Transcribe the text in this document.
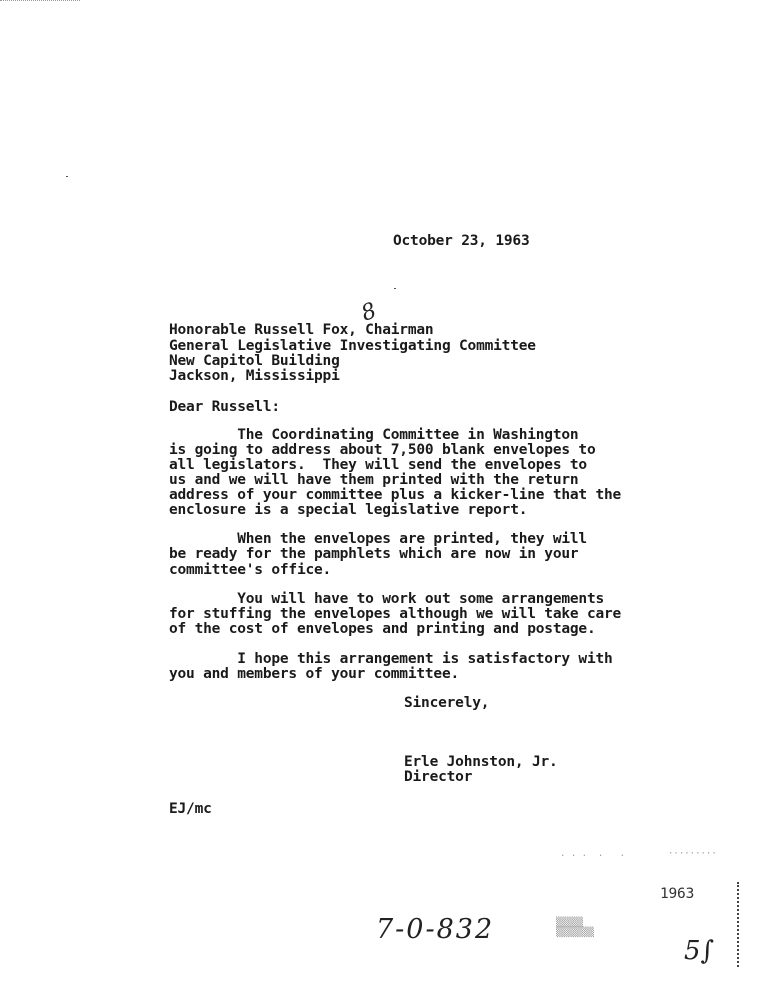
October 23, 1963
8
Honorable Russell Fox, Chairman
General Legislative Investigating Committee
New Capitol Building
Jackson, Mississippi
Dear Russell:
The Coordinating Committee in Washington
is going to address about 7,500 blank envelopes to
all legislators.  They will send the envelopes to
us and we will have them printed with the return
address of your committee plus a kicker-line that the
enclosure is a special legislative report.
When the envelopes are printed, they will
be ready for the pamphlets which are now in your
committee's office.
You will have to work out some arrangements
for stuffing the envelopes although we will take care
of the cost of envelopes and printing and postage.
I hope this arrangement is satisfactory with
you and members of your committee.
Sincerely,
Erle Johnston, Jr.
Director
EJ/mc
. . .  .   .	·········
1963
7-0-832	▒▒▒▒▒
▒▒▒▒▒▒▒
5∫
